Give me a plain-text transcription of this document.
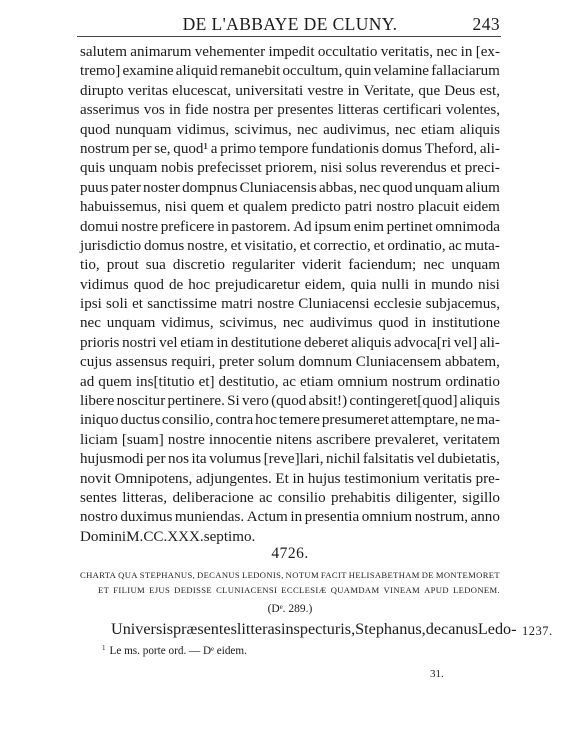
DE L'ABBAYE DE CLUNY.	243
salutem animarum vehementer impedit occultatio veritatis, nec in [ex-
tremo] examine aliquid remanebit occultum, quin velamine fallaciarum
dirupto veritas elucescat, universitati vestre in Veritate, que Deus est,
asserimus vos in fide nostra per presentes litteras certificari volentes,
quod nunquam vidimus, scivimus, nec audivimus, nec etiam aliquis
nostrum per se, quod¹ a primo tempore fundationis domus Theford, ali-
quis unquam nobis prefecisset priorem, nisi solus reverendus et preci-
puus pater noster dompnus Cluniacensis abbas, nec quod unquam alium
habuissemus, nisi quem et qualem predicto patri nostro placuit eidem
domui nostre preficere in pastorem. Ad ipsum enim pertinet omnimoda
jurisdictio domus nostre, et visitatio, et correctio, et ordinatio, ac muta-
tio, prout sua discretio regulariter viderit faciendum; nec unquam
vidimus quod de hoc prejudicaretur eidem, quia nulli in mundo nisi
ipsi soli et sanctissime matri nostre Cluniacensi ecclesie subjacemus,
nec unquam vidimus, scivimus, nec audivimus quod in institutione
prioris nostri vel etiam in destitutione deberet aliquis advoca[ri vel] ali-
cujus assensus requiri, preter solum domnum Cluniacensem abbatem,
ad quem ins[titutio et] destitutio, ac etiam omnium nostrum ordinatio
libere noscitur pertinere. Si vero (quod absit!) contingeret[quod] aliquis
iniquo ductus consilio, contra hoc temere presumeret attemptare, ne ma-
liciam [suam] nostre innocentie nitens ascribere prevaleret, veritatem
hujusmodi per nos ita volumus [reve]lari, nichil falsitatis vel dubietatis,
novit Omnipotens, adjungentes. Et in hujus testimonium veritatis pre-
sentes litteras, deliberacione ac consilio prehabitis diligenter, sigillo
nostro duximus muniendas. Actum in presentia omnium nostrum, anno
Domini M.CC.XXX. septimo.
4726.
CHARTA QUA STEPHANUS, DECANUS LEDONIS, NOTUM FACIT HELISABETHAM DE MONTEMORET
ET FILIUM EJUS DEDISSE CLUNIACENSI ECCLESIÆ QUAMDAM VINEAM APUD LEDONEM.
(Dᵉ. 289.)
Universis præsentes litteras inspecturis, Stephanus, decanus Ledo- 1237.
$^1$ Le ms. porte ord. — Dᵉ eidem.
31.
